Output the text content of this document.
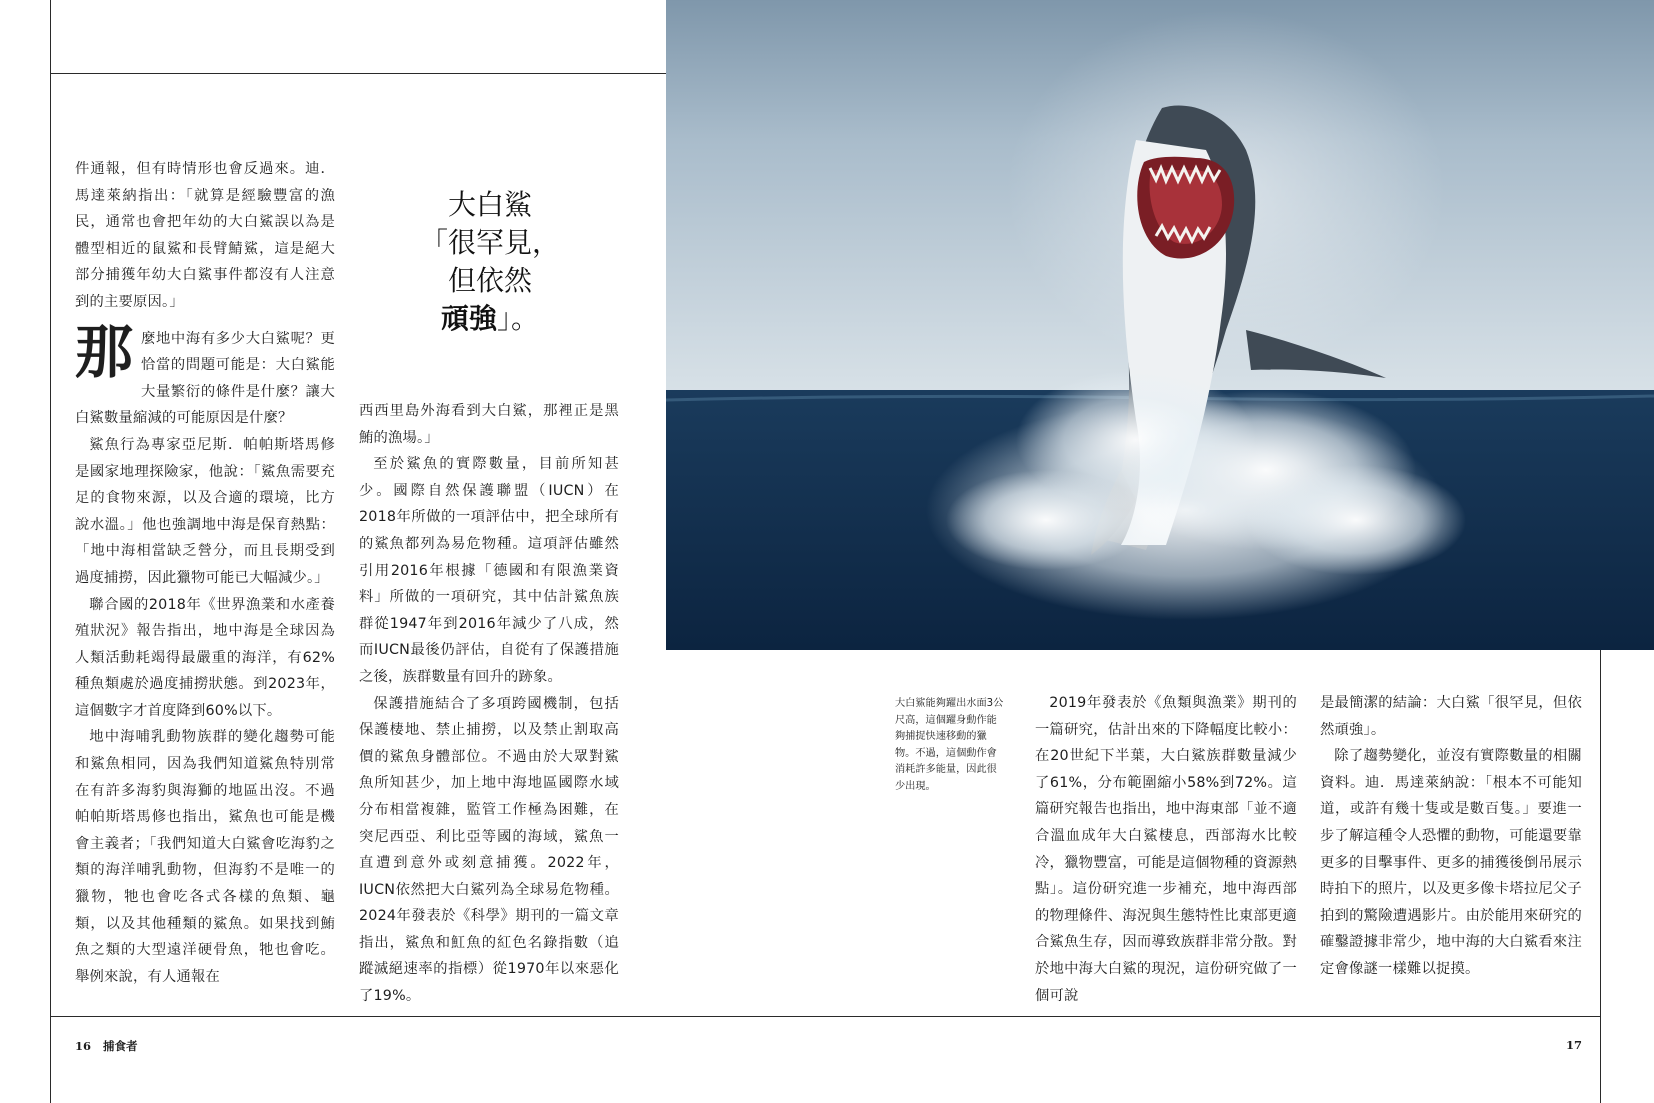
件通報，但有時情形也會反過來。迪．馬達萊納指出：「就算是經驗豐富的漁民，通常也會把年幼的大白鯊誤以為是體型相近的鼠鯊和長臂鯖鯊，這是絕大部分捕獲年幼大白鯊事件都沒有人注意到的主要原因。」

那 麼地中海有多少大白鯊呢？更恰當的問題可能是：大白鯊能大量繁衍的條件是什麼？讓大白鯊數量縮減的可能原因是什麼？

鯊魚行為專家亞尼斯．帕帕斯塔馬修是國家地理探險家，他說：「鯊魚需要充足的食物來源，以及合適的環境，比方說水溫。」他也強調地中海是保育熱點：「地中海相當缺乏營分，而且長期受到過度捕撈，因此獵物可能已大幅減少。」

聯合國的2018年《世界漁業和水產養殖狀況》報告指出，地中海是全球因為人類活動耗竭得最嚴重的海洋，有62%種魚類處於過度捕撈狀態。到2023年，這個數字才首度降到60%以下。

地中海哺乳動物族群的變化趨勢可能和鯊魚相同，因為我們知道鯊魚特別常在有許多海豹與海獅的地區出沒。不過帕帕斯塔馬修也指出，鯊魚也可能是機會主義者；「我們知道大白鯊會吃海豹之類的海洋哺乳動物，但海豹不是唯一的獵物，牠也會吃各式各樣的魚類、龜類，以及其他種類的鯊魚。如果找到鮪魚之類的大型遠洋硬骨魚，牠也會吃。舉例來說，有人通報在

大白鯊
「很罕見，
但依然
頑強」。

西西里島外海看到大白鯊，那裡正是黑鮪的漁場。」

至於鯊魚的實際數量，目前所知甚少。國際自然保護聯盟（IUCN）在2018年所做的一項評估中，把全球所有的鯊魚都列為易危物種。這項評估雖然引用2016年根據「德國和有限漁業資料」所做的一項研究，其中估計鯊魚族群從1947年到2016年減少了八成，然而IUCN最後仍評估，自從有了保護措施之後，族群數量有回升的跡象。

保護措施結合了多項跨國機制，包括保護棲地、禁止捕撈，以及禁止割取高價的鯊魚身體部位。不過由於大眾對鯊魚所知甚少，加上地中海地區國際水域分布相當複雜，監管工作極為困難，在突尼西亞、利比亞等國的海域，鯊魚一直遭到意外或刻意捕獲。2022年，IUCN依然把大白鯊列為全球易危物種。2024年發表於《科學》期刊的一篇文章指出，鯊魚和魟魚的紅色名錄指數（追蹤滅絕速率的指標）從1970年以來惡化了19%。

大白鯊能夠躍出水面3公尺高，這個躍身動作能夠捕捉快速移動的獵物。不過，這個動作會消耗許多能量，因此很少出現。

2019年發表於《魚類與漁業》期刊的一篇研究，估計出來的下降幅度比較小：在20世紀下半葉，大白鯊族群數量減少了61%，分布範圍縮小58%到72%。這篇研究報告也指出，地中海東部「並不適合溫血成年大白鯊棲息，西部海水比較冷，獵物豐富，可能是這個物種的資源熱點」。這份研究進一步補充，地中海西部的物理條件、海況與生態特性比東部更適合鯊魚生存，因而導致族群非常分散。對於地中海大白鯊的現況，這份研究做了一個可說

是最簡潔的結論：大白鯊「很罕見，但依然頑強」。

除了趨勢變化，並沒有實際數量的相關資料。迪．馬達萊納說：「根本不可能知道，或許有幾十隻或是數百隻。」要進一步了解這種令人恐懼的動物，可能還要靠更多的目擊事件、更多的捕獲後倒吊展示時拍下的照片，以及更多像卡塔拉尼父子拍到的驚險遭遇影片。由於能用來研究的確鑿證據非常少，地中海的大白鯊看來注定會像謎一樣難以捉摸。

16 捕食者	17
